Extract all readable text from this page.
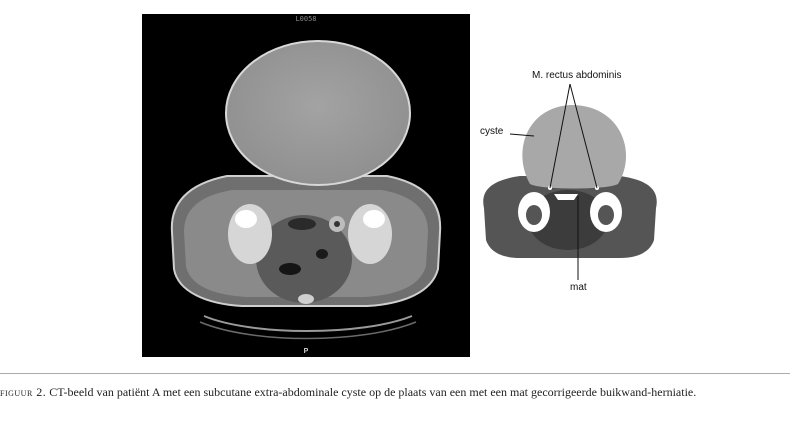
L0058
P
M. rectus abdominis
cyste
mat
figuur 2. CT-beeld van patiënt A met een subcutane extra-abdominale cyste op de plaats van een met een mat gecorrigeerde buikwand-herniatie.
